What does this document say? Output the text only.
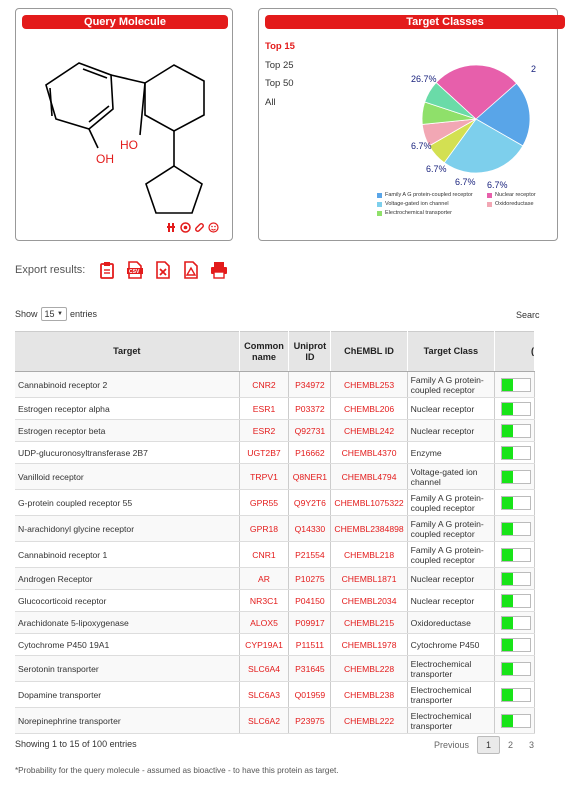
Query Molecule
HO
OH
Target Classes
Top 15
Top 25
Top 50
All
26.7%
6.7%
6.7%
6.7% 6.7%
2
Family A G protein-coupled receptor	Nuclear receptor
Voltage-gated ion channel	Oxidoreductase
Electrochemical transporter
Export results:	CSV
Show 15
▼ entries	Searc
Target	Common name	Uniprot ID	ChEMBL ID	Target Class	(
Cannabinoid receptor 2	CNR2	P34972	CHEMBL253	Family A G protein-coupled receptor	

Estrogen receptor alpha	ESR1	P03372	CHEMBL206	Nuclear receptor	

Estrogen receptor beta	ESR2	Q92731	CHEMBL242	Nuclear receptor	

UDP-glucuronosyltransferase 2B7	UGT2B7	P16662	CHEMBL4370	Enzyme	

Vanilloid receptor	TRPV1	Q8NER1	CHEMBL4794	Voltage-gated ion channel	

G-protein coupled receptor 55	GPR55	Q9Y2T6	CHEMBL1075322	Family A G protein-coupled receptor	

N-arachidonyl glycine receptor	GPR18	Q14330	CHEMBL2384898	Family A G protein-coupled receptor	

Cannabinoid receptor 1	CNR1	P21554	CHEMBL218	Family A G protein-coupled receptor	

Androgen Receptor	AR	P10275	CHEMBL1871	Nuclear receptor	

Glucocorticoid receptor	NR3C1	P04150	CHEMBL2034	Nuclear receptor	

Arachidonate 5-lipoxygenase	ALOX5	P09917	CHEMBL215	Oxidoreductase	

Cytochrome P450 19A1	CYP19A1	P11511	CHEMBL1978	Cytochrome P450	

Serotonin transporter	SLC6A4	P31645	CHEMBL228	Electrochemical transporter	

Dopamine transporter	SLC6A3	Q01959	CHEMBL238	Electrochemical transporter	

Norepinephrine transporter	SLC6A2	P23975	CHEMBL222	Electrochemical transporter	
Showing 1 to 15 of 100 entries	Previous	1	2	3
*Probability for the query molecule - assumed as bioactive - to have this protein as target.
